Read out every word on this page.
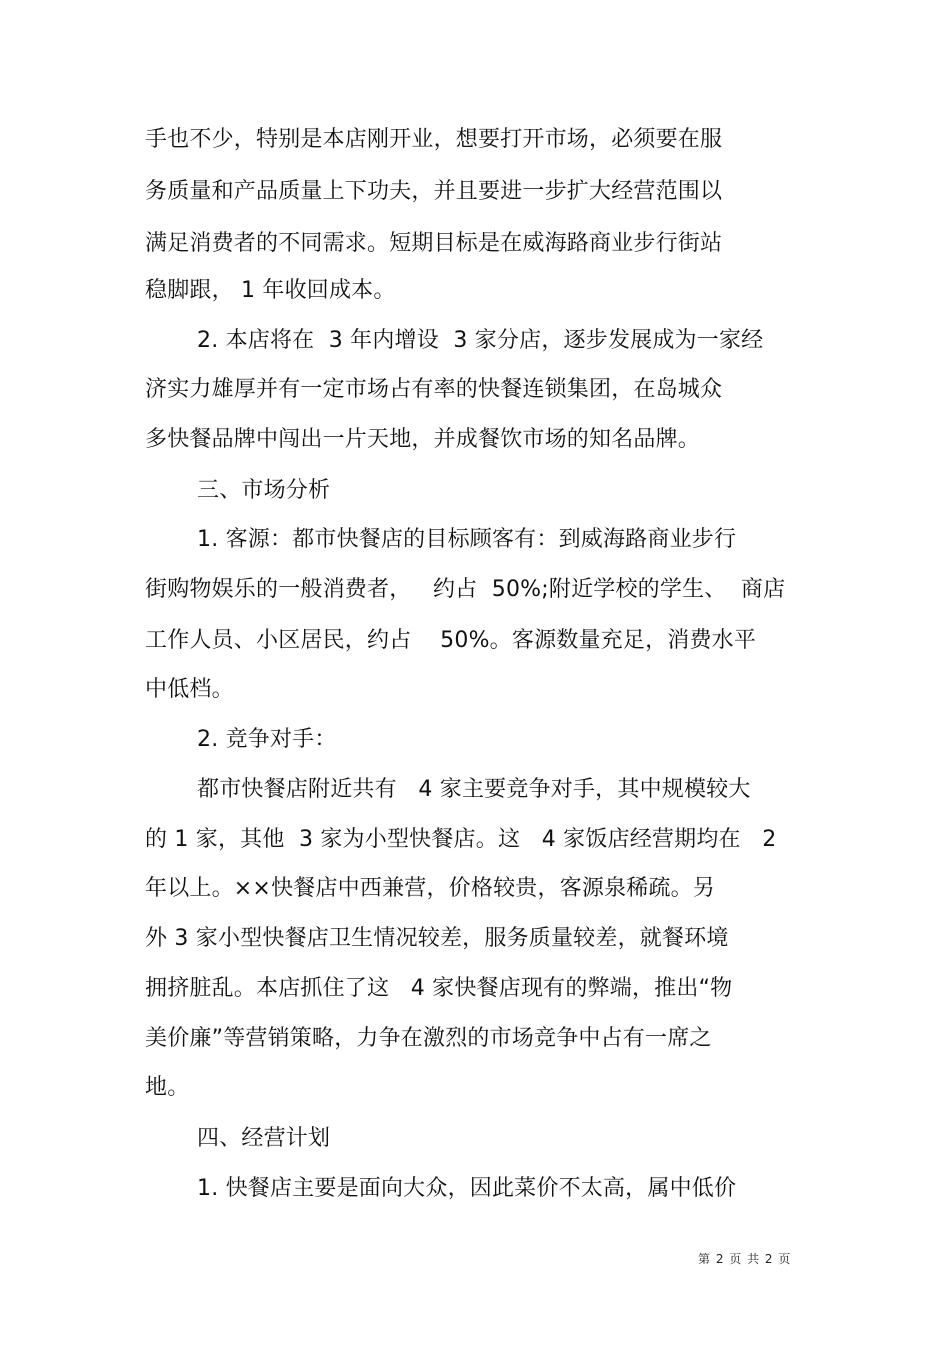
手也不少，特别是本店刚开业，想要打开市场，必须要在服
务质量和产品质量上下功夫，并且要进一步扩大经营范围以
满足消费者的不同需求。短期目标是在威海路商业步行街站
稳脚跟， 1 年收回成本。
2. 本店将在  3 年内增设  3 家分店，逐步发展成为一家经
济实力雄厚并有一定市场占有率的快餐连锁集团，在岛城众
多快餐品牌中闯出一片天地，并成餐饮市场的知名品牌。
三、市场分析
1. 客源：都市快餐店的目标顾客有：到威海路商业步行
街购物娱乐的一般消费者，   约占  50%;附近学校的学生、  商店
工作人员、小区居民，约占    50%。客源数量充足，消费水平
中低档。
2. 竞争对手：
都市快餐店附近共有   4 家主要竞争对手，其中规模较大
的 1 家，其他  3 家为小型快餐店。这   4 家饭店经营期均在   2
年以上。××快餐店中西兼营，价格较贵，客源泉稀疏。另
外 3 家小型快餐店卫生情况较差，服务质量较差，就餐环境
拥挤脏乱。本店抓住了这   4 家快餐店现有的弊端，推出“物
美价廉”等营销策略，力争在激烈的市场竞争中占有一席之
地。
四、经营计划
1. 快餐店主要是面向大众，因此菜价不太高，属中低价
第 2 页 共 2 页
